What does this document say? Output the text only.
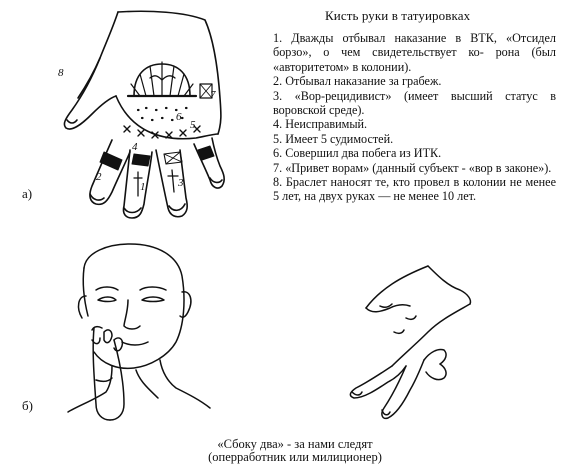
2
1	3
6
4
5
7
8
Кисть руки в татуировках

1. Дважды отбывал наказание в ВТК, «Отсидел борзо», о чем свидетельствует ко- рона (был «авторитетом» в колонии).

2. Отбывал наказание за грабеж.

3. «Вор-рецидивист» (имеет высший статус в воровской среде).

4. Неисправимый.

5. Имеет 5 судимостей.

6. Совершил два побега из ИТК.

7. «Привет ворам» (данный субъект - «вор в законе»).

8. Браслет наносят те, кто провел в колонии не менее 5 лет, на двух руках — не менее 10 лет.

а)
б)
«Сбоку два» - за нами следят
(оперработник или милиционер)
